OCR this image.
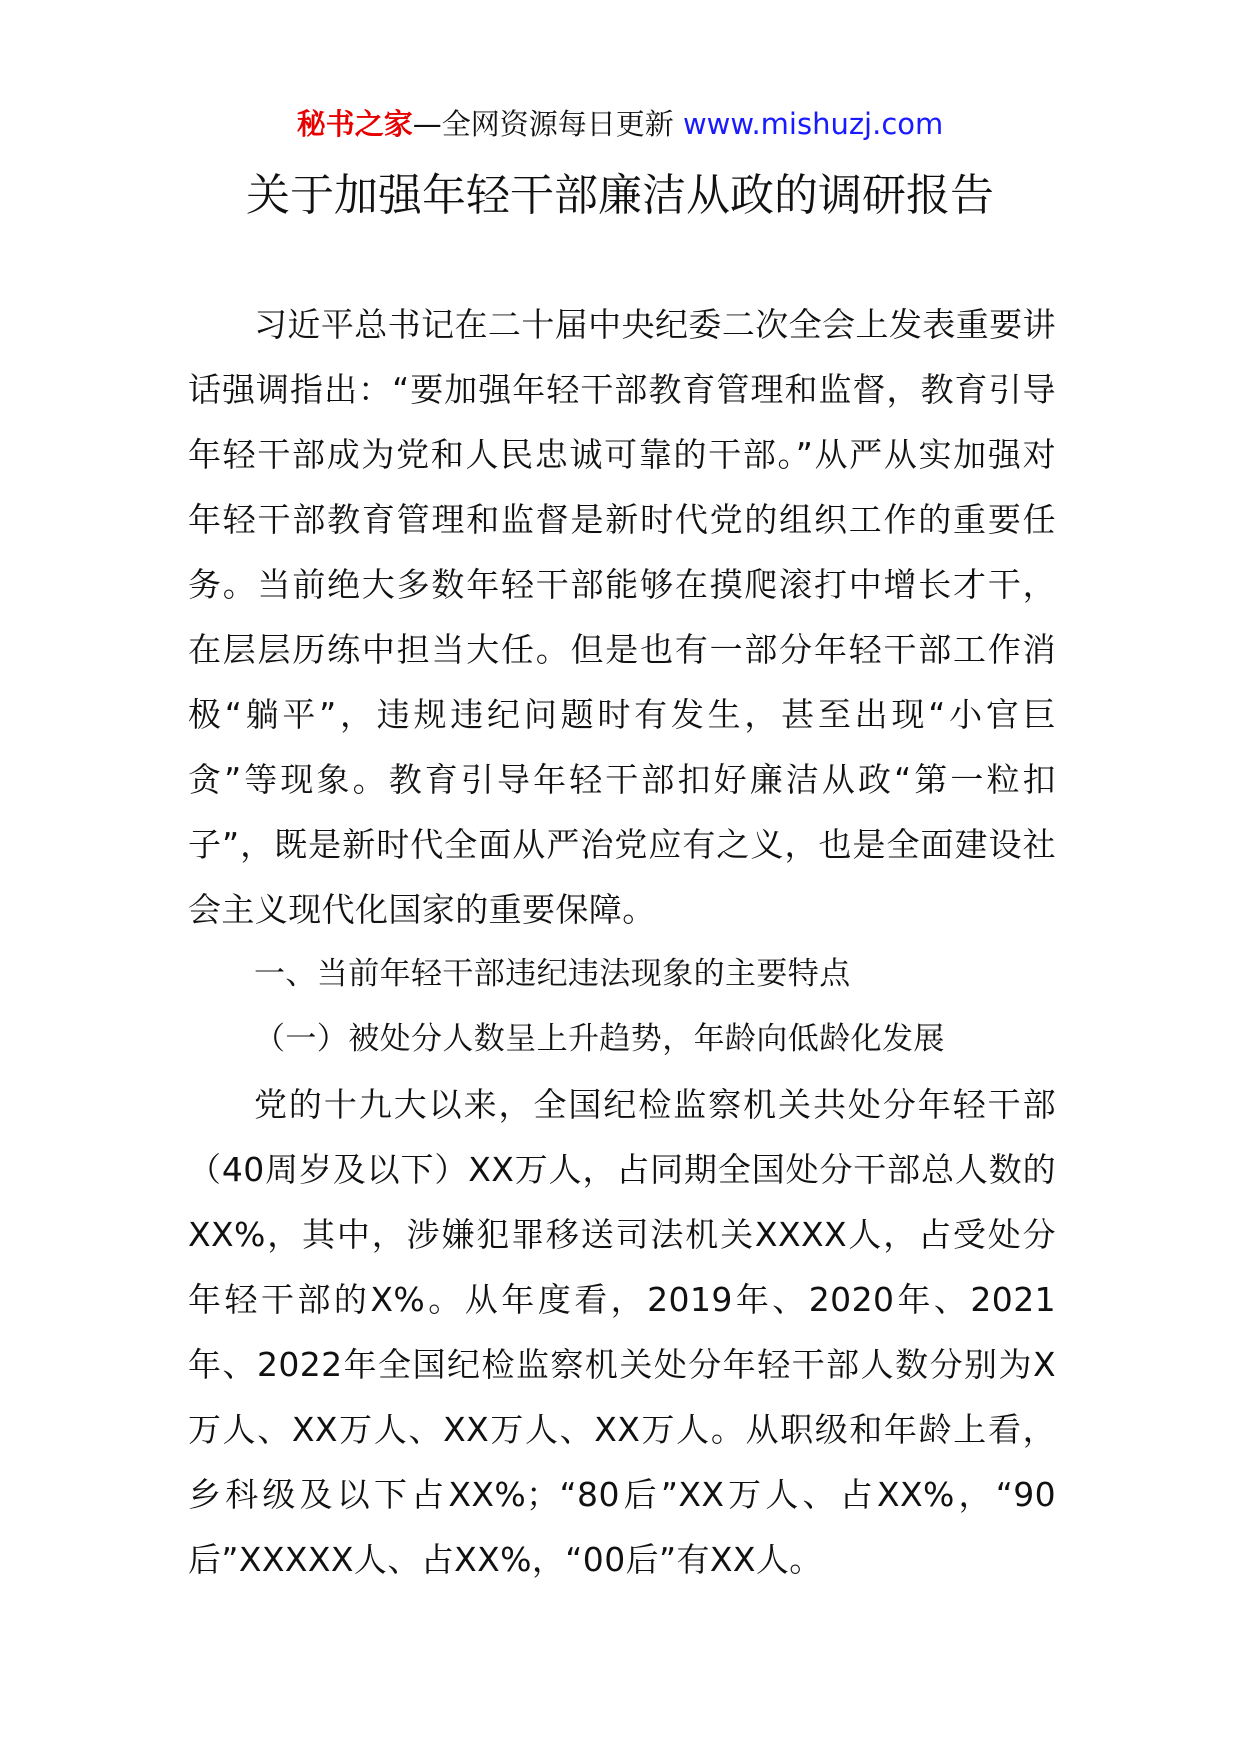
秘书之家—全网资源每日更新 www.mishuzj.com
关于加强年轻干部廉洁从政的调研报告

习近平总书记在二十届中央纪委二次全会上发表重要讲话强调指出：“要加强年轻干部教育管理和监督，教育引导年轻干部成为党和人民忠诚可靠的干部。”从严从实加强对年轻干部教育管理和监督是新时代党的组织工作的重要任务。当前绝大多数年轻干部能够在摸爬滚打中增长才干，在层层历练中担当大任。但是也有一部分年轻干部工作消极“躺平”，违规违纪问题时有发生，甚至出现“小官巨贪”等现象。教育引导年轻干部扣好廉洁从政“第一粒扣子”，既是新时代全面从严治党应有之义，也是全面建设社会主义现代化国家的重要保障。

一、当前年轻干部违纪违法现象的主要特点

（一）被处分人数呈上升趋势，年龄向低龄化发展

党的十九大以来，全国纪检监察机关共处分年轻干部（40周岁及以下）XX万人，占同期全国处分干部总人数的XX%，其中，涉嫌犯罪移送司法机关XXXX人，占受处分年轻干部的X%。从年度看，2019年、2020年、2021年、2022年全国纪检监察机关处分年轻干部人数分别为X万人、XX万人、XX万人、XX万人。从职级和年龄上看，乡科级及以下占XX%；“80后”XX万人、占XX%，“90后”XXXXX人、占XX%，“00后”有XX人。
